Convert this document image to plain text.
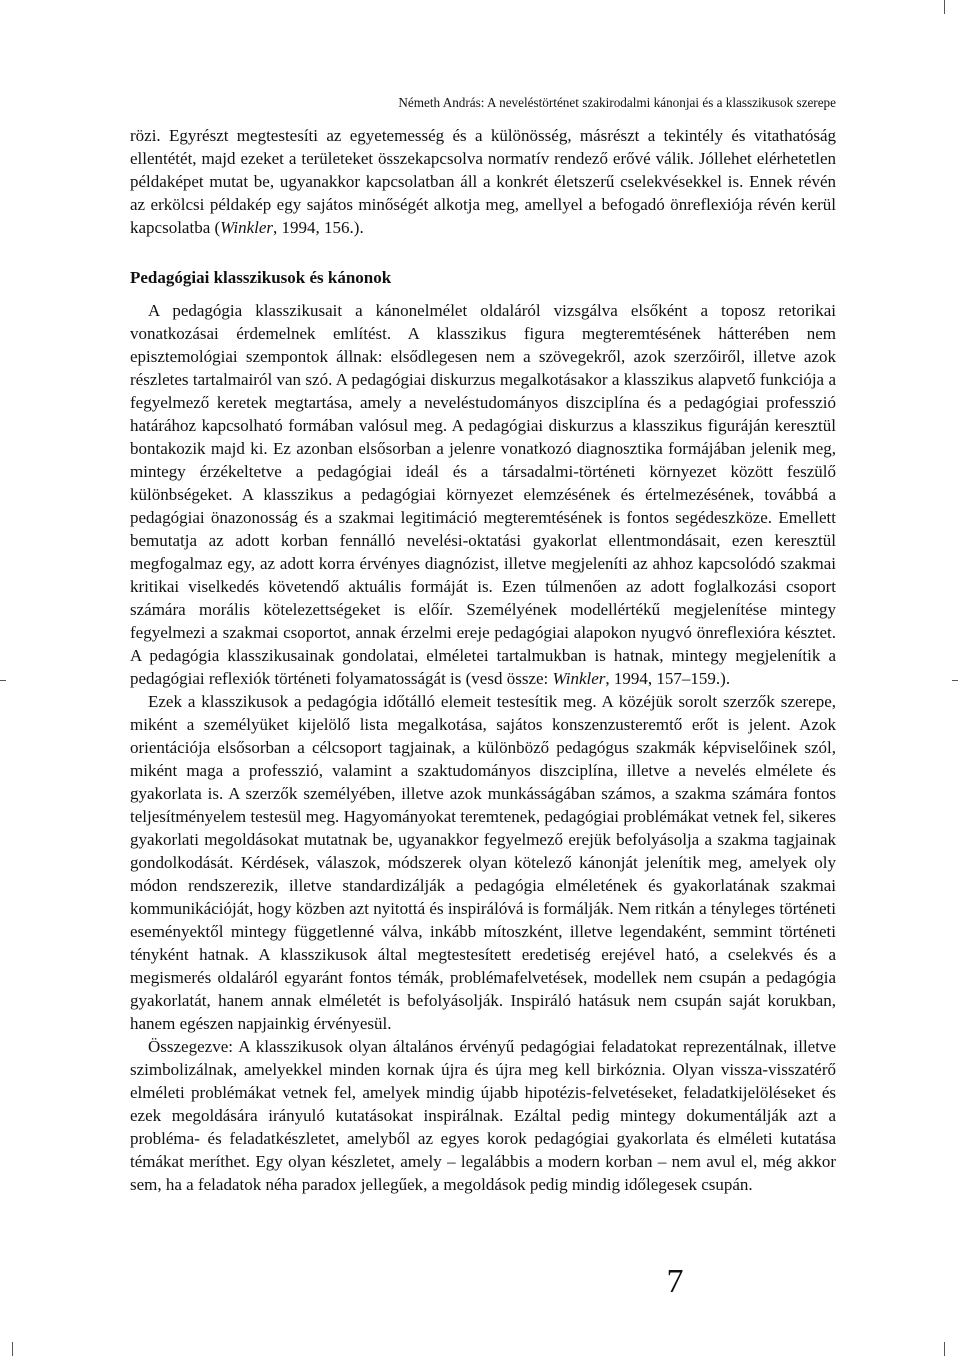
Németh András: A neveléstörténet szakirodalmi kánonjai és a klasszikusok szerepe

rözi. Egyrészt megtestesíti az egyetemesség és a különösség, másrészt a tekintély és vitathatóság ellentétét, majd ezeket a területeket összekapcsolva normatív rendező erővé válik. Jóllehet elérhetetlen példaképet mutat be, ugyanakkor kapcsolatban áll a konkrét életszerű cselekvésekkel is. Ennek révén az erkölcsi példakép egy sajátos minőségét alkotja meg, amellyel a befogadó önreflexiója révén kerül kapcsolatba (Winkler, 1994, 156.).

Pedagógiai klasszikusok és kánonok

A pedagógia klasszikusait a kánonelmélet oldaláról vizsgálva elsőként a toposz retorikai vonatkozásai érdemelnek említést. A klasszikus figura megteremtésének hátterében nem episztemológiai szempontok állnak: elsődlegesen nem a szövegekről, azok szerzőiről, illetve azok részletes tartalmairól van szó. A pedagógiai diskurzus megalkotásakor a klasszikus alapvető funkciója a fegyelmező keretek megtartása, amely a neveléstudományos diszciplína és a pedagógiai professzió határához kapcsolható formában valósul meg. A pedagógiai diskurzus a klasszikus figuráján keresztül bontakozik majd ki. Ez azonban elsősorban a jelenre vonatkozó diagnosztika formájában jelenik meg, mintegy érzékeltetve a pedagógiai ideál és a társadalmi-történeti környezet között feszülő különbségeket. A klasszikus a pedagógiai környezet elemzésének és értelmezésének, továbbá a pedagógiai önazonosság és a szakmai legitimáció megteremtésének is fontos segédeszköze. Emellett bemutatja az adott korban fennálló nevelési-oktatási gyakorlat ellentmondásait, ezen keresztül megfogalmaz egy, az adott korra érvényes diagnózist, illetve megjeleníti az ahhoz kapcsolódó szakmai kritikai viselkedés követendő aktuális formáját is. Ezen túlmenően az adott foglalkozási csoport számára morális kötelezettségeket is előír. Személyének modellértékű megjelenítése mintegy fegyelmezi a szakmai csoportot, annak érzelmi ereje pedagógiai alapokon nyugvó önreflexióra késztet. A pedagógia klasszikusainak gondolatai, elméletei tartalmukban is hatnak, mintegy megjelenítik a pedagógiai reflexiók történeti folyamatosságát is (vesd össze: Winkler, 1994, 157–159.).

Ezek a klasszikusok a pedagógia időtálló elemeit testesítik meg. A közéjük sorolt szerzők szerepe, miként a személyüket kijelölő lista megalkotása, sajátos konszenzusteremtő erőt is jelent. Azok orientációja elsősorban a célcsoport tagjainak, a különböző pedagógus szakmák képviselőinek szól, miként maga a professzió, valamint a szaktudományos diszciplína, illetve a nevelés elmélete és gyakorlata is. A szerzők személyében, illetve azok munkásságában számos, a szakma számára fontos teljesítményelem testesül meg. Hagyományokat teremtenek, pedagógiai problémákat vetnek fel, sikeres gyakorlati megoldásokat mutatnak be, ugyanakkor fegyelmező erejük befolyásolja a szakma tagjainak gondolkodását. Kérdések, válaszok, módszerek olyan kötelező kánonját jelenítik meg, amelyek oly módon rendszerezik, illetve standardizálják a pedagógia elméletének és gyakorlatának szakmai kommunikációját, hogy közben azt nyitottá és inspirálóvá is formálják. Nem ritkán a tényleges történeti eseményektől mintegy függetlenné válva, inkább mítoszként, illetve legendaként, semmint történeti tényként hatnak. A klasszikusok által megtestesített eredetiség erejével ható, a cselekvés és a megismerés oldaláról egyaránt fontos témák, problémafelvetések, modellek nem csupán a pedagógia gyakorlatát, hanem annak elméletét is befolyásolják. Inspiráló hatásuk nem csupán saját korukban, hanem egészen napjainkig érvényesül.

Összegezve: A klasszikusok olyan általános érvényű pedagógiai feladatokat reprezentálnak, illetve szimbolizálnak, amelyekkel minden kornak újra és újra meg kell birkóznia. Olyan vissza-visszatérő elméleti problémákat vetnek fel, amelyek mindig újabb hipotézis-felvetéseket, feladatkijelöléseket és ezek megoldására irányuló kutatásokat inspirálnak. Ezáltal pedig mintegy dokumentálják azt a probléma- és feladatkészletet, amelyből az egyes korok pedagógiai gyakorlata és elméleti kutatása témákat meríthet. Egy olyan készletet, amely – legalábbis a modern korban – nem avul el, még akkor sem, ha a feladatok néha paradox jellegűek, a megoldások pedig mindig időlegesek csupán.

7
